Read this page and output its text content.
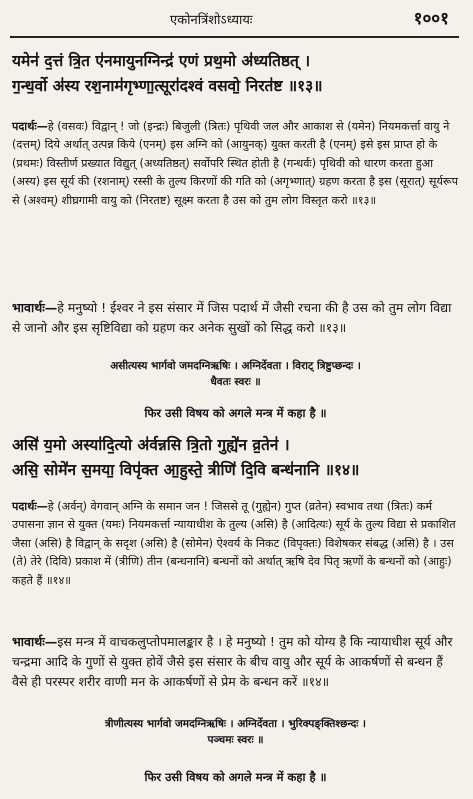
एकोनत्रिंशोऽध्यायः	१००१
यमेन॑ द॒त्तं त्रि॒त ए॑नमायुनग्निन्द्र॑ एणं प्रथ॒मो अ॑ध्यतिष्ठत् ।
ग॒न्ध॒र्वो अ॑स्य रश॒नाम॑गृभ्णा॒त्सूरा॑दश्वं वसवो॒ निरत॑ष्ट ॥१३॥
पदार्थः—हे (वसवः) विद्वान् ! जो (इन्द्रः) बिजुली (त्रितः) पृथिवी जल और आकाश से (यमेन) नियमकर्त्ता वायु ने (दत्तम्) दिये अर्थात् उत्पन्न किये (एनम्) इस अग्नि को (आयुनक्) युक्त करती है (एनम्) इसे इस प्राप्त हो के (प्रथमः) विस्तीर्ण प्रख्यात विद्युत् (अध्यतिष्ठत्) सर्वोपरि स्थित होती है (गन्धर्वः) पृथिवी को धारण करता हुआ (अस्य) इस सूर्य की (रशनाम्) रस्सी के तुल्य किरणों की गति को (अगृभ्णात्) ग्रहण करता है इस (सूरात्) सूर्यरूप से (अश्वम्) शीघ्रगामी वायु को (निरतष्ट) सूक्ष्म करता है उस को तुम लोग विस्तृत करो ॥१३॥
भावार्थः—हे मनुष्यो ! ईश्वर ने इस संसार में जिस पदार्थ में जैसी रचना की है उस को तुम लोग विद्या से जानो और इस सृष्टिविद्या को ग्रहण कर अनेक सुखों को सिद्ध करो ॥१३॥
असीत्यस्य भार्गवो जमदग्निऋषिः । अग्निर्देवता । विराट् त्रिष्टुप्छन्दः ।
धैवतः स्वरः ॥
फिर उसी विषय को अगले मन्त्र में कहा है ॥
असि॑ य॒मो अस्या॑दि॒त्यो अ॑र्वन्नसि त्रि॒तो गुह्ये॑न व्र॒तेन॑ ।
असि॒ सोमे॑न स॒मया॒ विपृ॑क्त आ॒हुस्ते॒ त्रीणि॑ दि॒वि बन्ध॑नानि ॥१४॥
पदार्थः—हे (अर्वन्) वेगवान् अग्नि के समान जन ! जिससे तू (गुह्येन) गुप्त (व्रतेन) स्वभाव तथा (त्रितः) कर्म उपासना ज्ञान से युक्त (यमः) नियमकर्त्ता न्यायाधीश के तुल्य (असि) है (आदित्यः) सूर्य के तुल्य विद्या से प्रकाशित जैसा (असि) है विद्वान् के सदृश (असि) है (सोमेन) ऐश्वर्य के निकट (विपृक्तः) विशेषकर संबद्ध (असि) है । उस (ते) तेरे (दिवि) प्रकाश में (त्रीणि) तीन (बन्धनानि) बन्धनों को अर्थात् ऋषि देव पितृ ऋणों के बन्धनों को (आहुः) कहते हैं ॥१४॥
भावार्थः—इस मन्त्र में वाचकलुप्तोपमालङ्कार है । हे मनुष्यो ! तुम को योग्य है कि न्यायाधीश सूर्य और चन्द्रमा आदि के गुणों से युक्त होवें जैसे इस संसार के बीच वायु और सूर्य के आकर्षणों से बन्धन हैं वैसे ही परस्पर शरीर वाणी मन के आकर्षणों से प्रेम के बन्धन करें ॥१४॥
त्रीणीत्यस्य भार्गवो जमदग्निऋषिः । अग्निर्देवता । भुरिक्पङ्क्तिश्छन्दः ।
पञ्चमः स्वरः ॥
फिर उसी विषय को अगले मन्त्र में कहा है ॥
